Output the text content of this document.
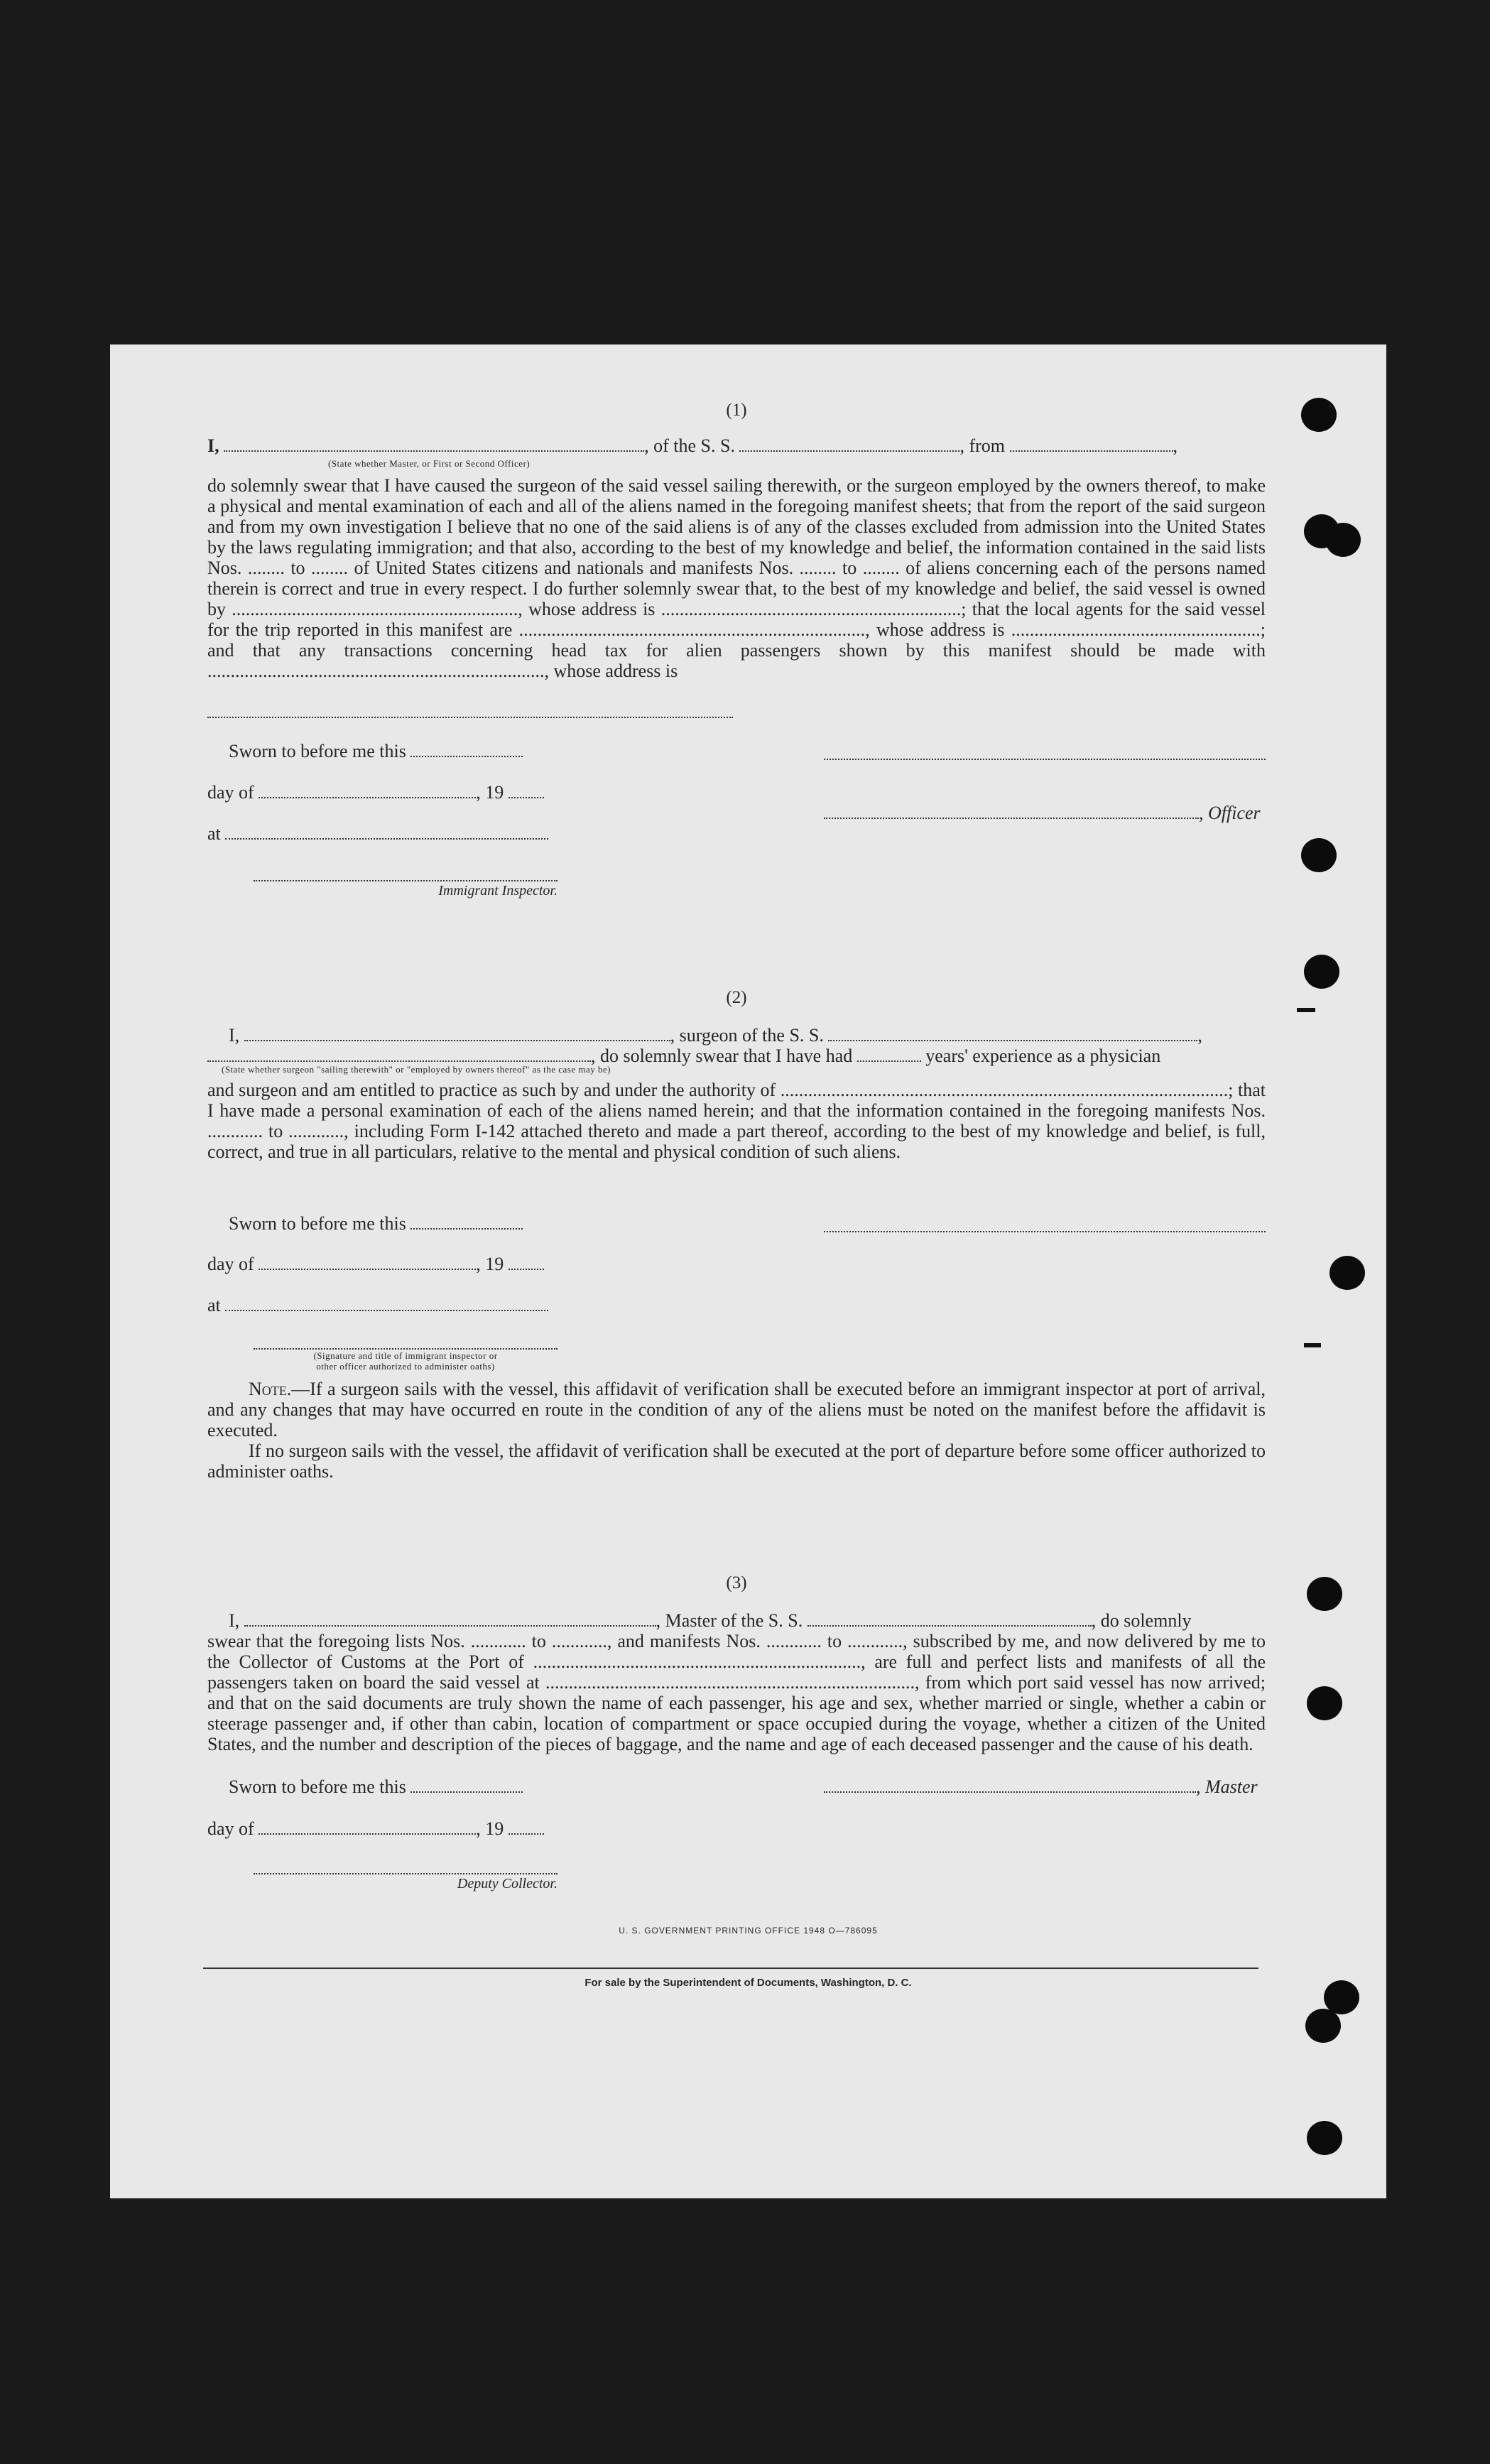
(1)
I,	, of the S. S.	, from	,
(State whether Master, or First or Second Officer)

do solemnly swear that I have caused the surgeon of the said vessel sailing therewith, or the surgeon employed by the owners thereof, to make a physical and mental examination of each and all of the aliens named in the foregoing manifest sheets; that from the report of the said surgeon and from my own investigation I believe that no one of the said aliens is of any of the classes excluded from admission into the United States by the laws regulating immigration; and that also, according to the best of my knowledge and belief, the information contained in the said lists Nos. ........ to ........ of United States citizens and nationals and manifests Nos. ........ to ........ of aliens concerning each of the persons named therein is correct and true in every respect. I do further solemnly swear that, to the best of my knowledge and belief, the said vessel is owned by .............................................................., whose address is .................................................................; that the local agents for the said vessel for the trip reported in this manifest are ..........................................................................., whose address is ......................................................; and that any transactions concerning head tax for alien passengers shown by this manifest should be made with ........................................................................., whose address is

Sworn to before me this
day of	, 19
, Officer
at
Immigrant Inspector.
(2)
I,	, surgeon of the S. S.	,
, do solemnly swear that I have had	years' experience as a physician
(State whether surgeon "sailing therewith" or "employed by owners thereof" as the case may be)

and surgeon and am entitled to practice as such by and under the authority of .................................................................................................; that I have made a personal examination of each of the aliens named herein; and that the information contained in the foregoing manifests Nos. ............ to ............, including Form I-142 attached thereto and made a part thereof, according to the best of my knowledge and belief, is full, correct, and true in all particulars, relative to the mental and physical condition of such aliens.

Sworn to before me this
day of	, 19
at
(Signature and title of immigrant inspector or
other officer authorized to administer oaths)

Note.—If a surgeon sails with the vessel, this affidavit of verification shall be executed before an immigrant inspector at port of arrival, and any changes that may have occurred en route in the condition of any of the aliens must be noted on the manifest before the affidavit is executed.

If no surgeon sails with the vessel, the affidavit of verification shall be executed at the port of departure before some officer authorized to administer oaths.

(3)
I,	, Master of the S. S.	, do solemnly

swear that the foregoing lists Nos. ............ to ............, and manifests Nos. ............ to ............, subscribed by me, and now delivered by me to the Collector of Customs at the Port of ......................................................................., are full and perfect lists and manifests of all the passengers taken on board the said vessel at ................................................................................, from which port said vessel has now arrived; and that on the said documents are truly shown the name of each passenger, his age and sex, whether married or single, whether a cabin or steerage passenger and, if other than cabin, location of compartment or space occupied during the voyage, whether a citizen of the United States, and the number and description of the pieces of baggage, and the name and age of each deceased passenger and the cause of his death.

Sworn to before me this	, Master
day of	, 19
Deputy Collector.
U. S. GOVERNMENT PRINTING OFFICE 1948 O—786095
For sale by the Superintendent of Documents, Washington, D. C.
